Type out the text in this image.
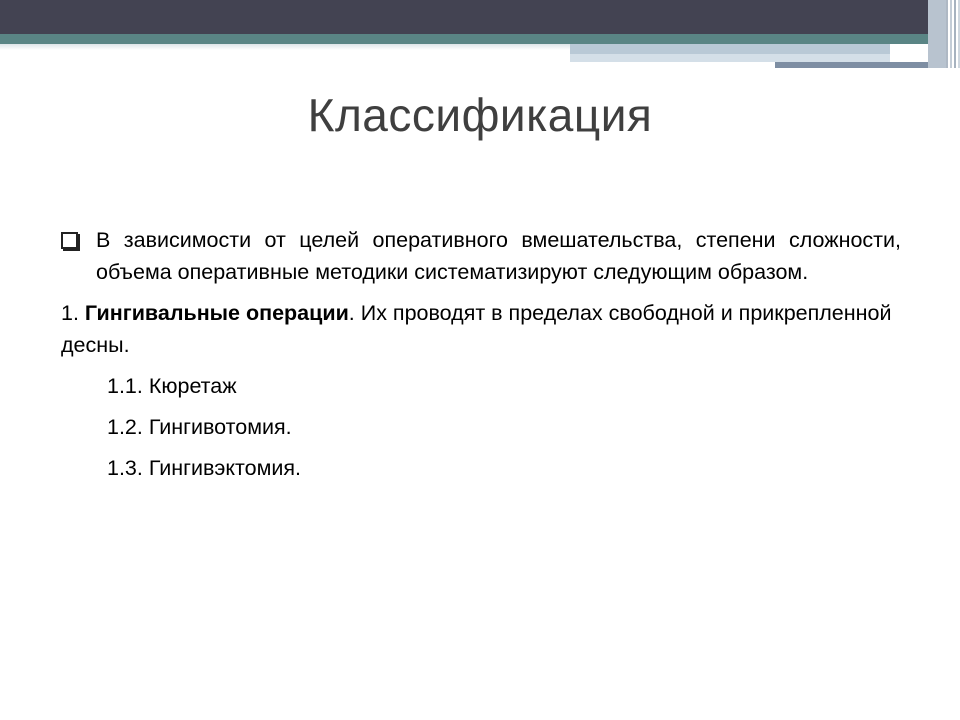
Классификация
В зависимости от целей оперативного вмешательства, степени сложности, объема оперативные методики систематизируют следующим образом.
1. Гингивальные операции. Их проводят в пределах свободной и прикрепленной десны.
1.1. Кюретаж
1.2. Гингивотомия.
1.3. Гингивэктомия.
